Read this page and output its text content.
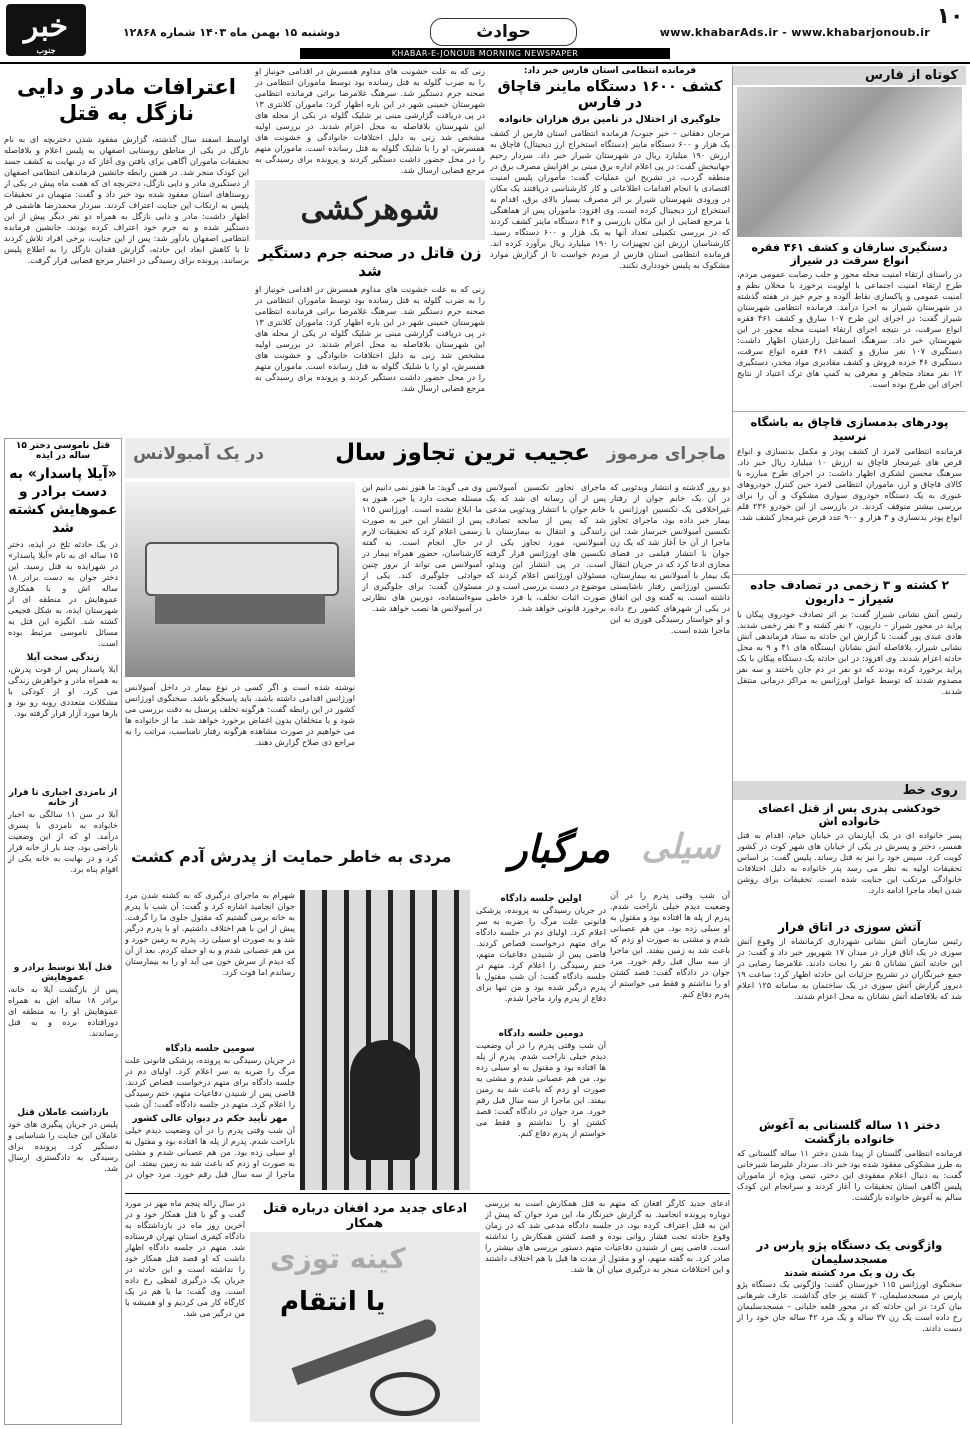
۱۰
www.khabarAds.ir - www.khabarjonoub.ir
حوادث
KHABAR-E-JONOUB MORNING NEWSPAPER
دوشنبه ۱۵ بهمن ماه ۱۴۰۳ شماره ۱۲۸۶۸
خبر
جنوب
کوتاه از فارس
دستگیری سارقان و کشف ۴۶۱ فقره انواع سرقت در شیراز
در راستای ارتقاء امنیت محله محور و جلب رضایت عمومی مردم، طرح ارتقاء امنیت اجتماعی با اولویت برخورد با مخلان نظم و امنیت عمومی و پاکسازی نقاط آلوده و جرم خیز در هفته گذشته در شهرستان شیراز به اجرا درآمد. فرمانده انتظامی شهرستان شیراز گفت: در اجرای این طرح ۱۰۷ سارق و کشف ۴۶۱ فقره انواع سرقت، در نتیجه اجرای ارتقاء امنیت محله محور در این شهرستان خبر داد. سرهنگ اسماعیل زارعتیان اظهار داشت: دستگیری ۱۰۷ نفر سارق و کشف ۴۶۱ فقره انواع سرقت، دستگیری ۴۶ خرده فروش و کشف مقادیری مواد مخدر، دستگیری ۱۲ نفر معتاد متجاهر و معرفی به کمپ های ترک اعتیاد از نتایج اجرای این طرح بوده است.
پودرهای بدمسازی قاچاق به باشگاه نرسید
فرمانده انتظامی لامرد از کشف پودر و مکمل بدنسازی و انواع قرص های غیرمجاز قاچاق به ارزش ۱۰ میلیارد ریال خبر داد. سرهنگ محسن لشکری اظهار داشت: در اجرای طرح مبارزه با کالای قاچاق و ارز، ماموران انتظامی لامرد حین کنترل خودروهای عبوری به یک دستگاه خودروی سواری مشکوک و آن را برای بررسی بیشتر متوقف کردند. در بازرسی از این خودرو ۲۳۶ قلم انواع پودر بدنسازی و ۳ هزار و ۹۰۰ عدد قرص غیرمجاز کشف شد.
۲ کشته و ۳ زخمی در تصادف جاده شیراز – داریون
رئیس آتش نشانی شیراز گفت: بر اثر تصادف خودروی پیکان با پراید در محور شیراز – داریون، ۲ نفر کشته و ۳ نفر زخمی شدند. هادی عبدی پور گفت: با گزارش این حادثه به ستاد فرماندهی آتش نشانی شیراز، بلافاصله آتش نشانان ایستگاه های ۴۱ و ۹ به محل حادثه اعزام شدند. وی افزود: در این حادثه یک دستگاه پیکان با یک پراید برخورد کرده بودند که دو نفر در دم جان باختند و سه نفر مصدوم شدند که توسط عوامل اورژانس به مراکز درمانی منتقل شدند.
روی خط
خودکشی پدری پس از قتل اعضای خانواده اش
پسر خانواده ای در یک آپارتمان در خیابان خیام، اقدام به قتل همسر، دختر و پسرش در یکی از خیابان های شهر کوت در کشور کویت کرد. سپس خود را نیز به قتل رساند. پلیس گفت: بر اساس تحقیقات اولیه به نظر می رسد پدر خانواده به دلیل اختلافات خانوادگی مرتکب این جنایت شده است. تحقیقات برای روشن شدن ابعاد ماجرا ادامه دارد.
آتش سوزی در اتاق فرار
رئیس سازمان آتش نشانی شهرداری کرمانشاه از وقوع آتش سوزی در یک اتاق فرار در میدان ۱۷ شهریور خبر داد و گفت: در این حادثه آتش نشانان ۵ نفر را نجات دادند. غلامرضا رضایی در جمع خبرنگاران در تشریح جزئیات این حادثه اظهار کرد: ساعت ۱۹ دیروز گزارش آتش سوزی در یک ساختمان به سامانه ۱۲۵ اعلام شد که بلافاصله آتش نشانان به محل اعزام شدند.
دختر ۱۱ ساله گلستانی به آغوش خانواده بازگشت
فرمانده انتظامی گلستان از پیدا شدن دختر ۱۱ ساله گلستانی که به طرز مشکوکی مفقود شده بود خبر داد. سردار علیرضا شیرخانی گفت: به دنبال اعلام مفقودی این دختر، تیمی ویژه از ماموران پلیس آگاهی استان تحقیقات را آغاز کردند و سرانجام این کودک سالم به آغوش خانواده بازگشت.
واژگونی یک دستگاه پژو پارس در مسجدسلیمان
یک زن و یک مرد کشته شدند
سخنگوی اورژانس ۱۱۵ خوزستان گفت: واژگونی یک دستگاه پژو پارس در مسجدسلیمان، ۲ کشته بر جای گذاشت. عارف شرهانی بیان کرد: در این حادثه که در محور قلعه خلبانی – مسجدسلیمان رخ داده است یک زن ۳۷ ساله و یک مرد ۴۲ ساله جان خود را از دست دادند.
فرمانده انتظامی استان فارس خبر داد:
کشف ۱۶۰۰ دستگاه ماینر قاچاق در فارس
جلوگیری از اختلال در تأمین برق هزاران خانواده
مرجان دهقانی – خبر جنوب/ فرمانده انتظامی استان فارس از کشف یک هزار و ۶۰۰ دستگاه ماینر (دستگاه استخراج ارز دیجیتال) قاچاق به ارزش ۱۹۰ میلیارد ریال در شهرستان شیراز خبر داد. سردار رحیم جهانبخش گفت: در پی اعلام اداره برق مبنی بر افزایش مصرف برق در منطقه گردب، در تشریح این عملیات گفت: مأموران پلیس امنیت اقتصادی با انجام اقدامات اطلاعاتی و کار کارشناسی دریافتند یک مکان در ورودی شهرستان شیراز بر اثر مصرف بسیار بالای برق، اقدام به استخراج ارز دیجیتال کرده است. وی افزود: ماموران پس از هماهنگی با مرجع قضایی از این مکان بازرسی و ۴۱۴ دستگاه ماینر کشف کردند که در بررسی تکمیلی تعداد آنها به یک هزار و ۶۰۰ دستگاه رسید. کارشناسان ارزش این تجهیزات را ۱۹۰ میلیارد ریال برآورد کرده اند. فرمانده انتظامی استان فارس از مردم خواست تا از گزارش موارد مشکوک به پلیس خودداری نکنند.
زنی که به علت خشونت های مداوم همسرش در اقدامی خونباز او را به ضرب گلوله به قتل رسانده بود توسط ماموران انتظامی در صحنه جرم دستگیر شد. سرهنگ غلامرضا براتی فرمانده انتظامی شهرستان خمینی شهر در این باره اظهار کرد: ماموران کلانتری ۱۳ در پی دریافت گزارشی مبنی بر شلیک گلوله در یکی از محله های این شهرستان بلافاصله به محل اعزام شدند. در بررسی اولیه مشخص شد زنی به دلیل اختلافات خانوادگی و خشونت های همسرش، او را با شلیک گلوله به قتل رسانده است. ماموران متهم را در محل حضور داشت دستگیر کردند و پرونده برای رسیدگی به مرجع قضایی ارسال شد.
شوهرکشی
زن قاتل در صحنه جرم دستگیر شد
زنی که به علت خشونت های مداوم همسرش در اقدامی خونباز او را به ضرب گلوله به قتل رسانده بود توسط ماموران انتظامی در صحنه جرم دستگیر شد. سرهنگ غلامرضا براتی فرمانده انتظامی شهرستان خمینی شهر در این باره اظهار کرد: ماموران کلانتری ۱۳ در پی دریافت گزارشی مبنی بر شلیک گلوله در یکی از محله های این شهرستان بلافاصله به محل اعزام شدند. در بررسی اولیه مشخص شد زنی به دلیل اختلافات خانوادگی و خشونت های همسرش، او را با شلیک گلوله به قتل رسانده است. ماموران متهم را در محل حضور داشت دستگیر کردند و پرونده برای رسیدگی به مرجع قضایی ارسال شد.
اعترافات مادر و دایی نازگل به قتل
اواسط اسفند سال گذشته، گزارش مفقود شدن دختربچه ای به نام نازگل در یکی از مناطق روستایی اصفهان به پلیس اعلام و بلافاصله تحقیقات ماموران آگاهی برای یافتن وی آغاز که در نهایت به کشف جسد این کودک منجر شد. در همین رابطه جانشین فرماندهی انتظامی اصفهان از دستگیری مادر و دایی نازگل، دختربچه ای که هفت ماه پیش در یکی از روستاهای استان مفقود شده بود خبر داد و گفت: متهمان در تحقیقات پلیس به ارتکاب این جنایت اعتراف کردند. سردار محمدرضا هاشمی فر اظهار داشت: مادر و دایی نازگل به همراه دو نفر دیگر پیش از این دستگیر شده و به جرم خود اعتراف کرده بودند. جانشین فرمانده انتظامی اصفهان یادآور شد: پس از این جنایت، برخی افراد تلاش کردند تا با کاهش ابعاد این حادثه، گزارش فقدان نازگل را به اطلاع پلیس برسانند. پرونده برای رسیدگی در اختیار مرجع قضایی قرار گرفت.
ماجرای مرموز
عجیب ترین تجاوز سال
در یک آمبولانس
قتل ناموسی دختر ۱۵ ساله در ایذه
«آیلا پاسدار» به دست برادر و عموهایش کشته شد
در یک حادثه تلخ در ایذه، دختر ۱۵ ساله ای به نام «آیلا پاسدار» در شهرایذه به قتل رسید. این دختر جوان به دست برادر ۱۸ ساله اش و با همکاری عموهایش در منطقه ای از شهرستان ایذه، به شکل فجیعی کشته شد. انگیزه این قتل به مسائل ناموسی مرتبط بوده است.
زندگی سخت آیلا
آیلا پاسدار پس از فوت پدرش، به همراه مادر و خواهرش زندگی می کرد. او از کودکی با مشکلات متعددی روبه رو بود و بارها مورد آزار قرار گرفته بود.
از نامزدی اجباری تا فرار از خانه
آیلا در سن ۱۱ سالگی به اجبار خانواده به نامزدی با پسری درآمد. او که از این وضعیت ناراضی بود، چند بار از خانه فرار کرد و در نهایت به خانه یکی از اقوام پناه برد.
قتل آیلا توسط برادر و عموهایش
پس از بازگشت آیلا به خانه، برادر ۱۸ ساله اش به همراه عموهایش او را به منطقه ای دورافتاده برده و به قتل رساندند.
بازداشت عاملان قتل
پلیس در جریان پیگیری های خود عاملان این جنایت را شناسایی و دستگیر کرد. پرونده برای رسیدگی به دادگستری ارسال شد.
دو روز گذشته و انتشار ویدئویی که در آن یک خانم جوان از رفتار غیراخلاقی یک تکنسین اورژانس با بیمار خبر داده بود، ماجرای تجاوز تکنسین آمبولانس خبرساز شد. این ماجرا از آن جا آغاز شد که یک زن جوان با انتشار فیلمی در فضای مجازی ادعا کرد که در جریان انتقال یک بیمار با آمبولانس به بیمارستان، تکنسین اورژانس رفتار ناشایستی داشته است. به گفته وی این اتفاق در یکی از شهرهای کشور رخ داده و او خواستار رسیدگی فوری به این ماجرا شده است.
ماجرای تجاوز تکنسین آمبولانس پس از آن رسانه ای شد که یک خانم جوان با انتشار ویدئویی مدعی شد که پس از سانحه تصادف رانندگی و انتقال به بیمارستان با آمبولانس، مورد تجاوز یکی از تکنسین های اورژانس قرار گرفته است. در پی انتشار این ویدئو، مسئولان اورژانس اعلام کردند که موضوع در دست بررسی است و در صورت اثبات تخلف، با فرد خاطی برخورد قانونی خواهد شد.
وی می گوید: ما هنوز نمی دانیم این مسئله صحت دارد یا خیر، هنوز به ما ابلاغ نشده است. اورژانس ۱۱۵ پس از انتشار این خبر به صورت رسمی اعلام کرد که تحقیقات لازم در حال انجام است. به گفته کارشناسان، حضور همراه بیمار در آمبولانس می تواند از بروز چنین حوادثی جلوگیری کند. یکی از مسئولان گفت: برای جلوگیری از سوءاستفاده، دوربین های نظارتی در آمبولانس ها نصب خواهد شد.
نوشته شده است و اگر کسی در نوع بیمار در داخل آمبولانس اورژانس اقدامی داشته باشد، باید پاسخگو باشد. سخنگوی اورژانس کشور در این رابطه گفت: هرگونه تخلف پرسنل به دقت بررسی می شود و با متخلفان بدون اغماض برخورد خواهد شد. ما از خانواده ها می خواهیم در صورت مشاهده هرگونه رفتار نامناسب، مراتب را به مراجع ذی صلاح گزارش دهند.
سیلی
مرگبار
مردی به خاطر حمایت از پدرش آدم کشت
آن شب وقتی پدرم را در آن وضعیت دیدم خیلی ناراحت شدم. پدرم از پله ها افتاده بود و مقتول به او سیلی زده بود. من هم عصبانی شدم و مشتی به صورت او زدم که باعث شد به زمین بیفتد. این ماجرا از سه سال قبل رقم خورد. مرد جوان در دادگاه گفت: قصد کشتن او را نداشتم و فقط می خواستم از پدرم دفاع کنم.
اولین جلسه دادگاه
در جریان رسیدگی به پرونده، پزشکی قانونی علت مرگ را ضربه به سر اعلام کرد. اولیای دم در جلسه دادگاه برای متهم درخواست قصاص کردند. قاضی پس از شنیدن دفاعیات متهم، ختم رسیدگی را اعلام کرد. متهم در جلسه دادگاه گفت: آن شب مقتول با پدرم درگیر شده بود و من تنها برای دفاع از پدرم وارد ماجرا شدم.
دومین جلسه دادگاه
آن شب وقتی پدرم را در آن وضعیت دیدم خیلی ناراحت شدم. پدرم از پله ها افتاده بود و مقتول به او سیلی زده بود. من هم عصبانی شدم و مشتی به صورت او زدم که باعث شد به زمین بیفتد. این ماجرا از سه سال قبل رقم خورد. مرد جوان در دادگاه گفت: قصد کشتن او را نداشتم و فقط می خواستم از پدرم دفاع کنم.
شهرام به ماجرای درگیری که به کشته شدن مرد جوان انجامید اشاره کرد و گفت: آن شب با پدرم به خانه برمی گشتیم که مقتول جلوی ما را گرفت. پیش از این با هم اختلاف داشتیم. او با پدرم درگیر شد و به صورت او سیلی زد. پدرم به زمین خورد و من هم عصبانی شدم و به او حمله کردم. بعد از آن که دیدم از سرش خون می آید او را به بیمارستان رساندم اما فوت کرد.
سومین جلسه دادگاه
در جریان رسیدگی به پرونده، پزشکی قانونی علت مرگ را ضربه به سر اعلام کرد. اولیای دم در جلسه دادگاه برای متهم درخواست قصاص کردند. قاضی پس از شنیدن دفاعیات متهم، ختم رسیدگی را اعلام کرد. متهم در جلسه دادگاه گفت: آن شب
مهر تأیید حکم در دیوان عالی کشور
آن شب وقتی پدرم را در آن وضعیت دیدم خیلی ناراحت شدم. پدرم از پله ها افتاده بود و مقتول به او سیلی زده بود. من هم عصبانی شدم و مشتی به صورت او زدم که باعث شد به زمین بیفتد. این ماجرا از سه سال قبل رقم خورد. مرد جوان در
ادعای جدید کارگر افغان که متهم به قتل همکارش است به بررسی دوباره پرونده انجامید. به گزارش خبرنگار ما، این مرد جوان که پیش از این به قتل اعتراف کرده بود، در جلسه دادگاه مدعی شد که در زمان وقوع حادثه تحت فشار روانی بوده و قصد کشتن همکارش را نداشته است. قاضی پس از شنیدن دفاعیات متهم دستور بررسی های بیشتر را صادر کرد. به گفته متهم، او و مقتول از مدت ها قبل با هم اختلاف داشتند و این اختلافات منجر به درگیری میان آن ها شد.
ادعای جدید مرد افغان درباره قتل همکار
کینه توزی
یا انتقام
در سال زاله پنجم ماه مهر در مورد گفت و گو با قتل همکار خود و در آخرین روز ماه در بازداشتگاه به دادگاه کیفری استان تهران فرستاده شد. متهم در جلسه دادگاه اظهار داشت که او قصد قتل همکار خود را نداشته است و این حادثه در جریان یک درگیری لفظی رخ داده است. وی گفت: ما با هم در یک کارگاه کار می کردیم و او همیشه با من درگیر می شد.
